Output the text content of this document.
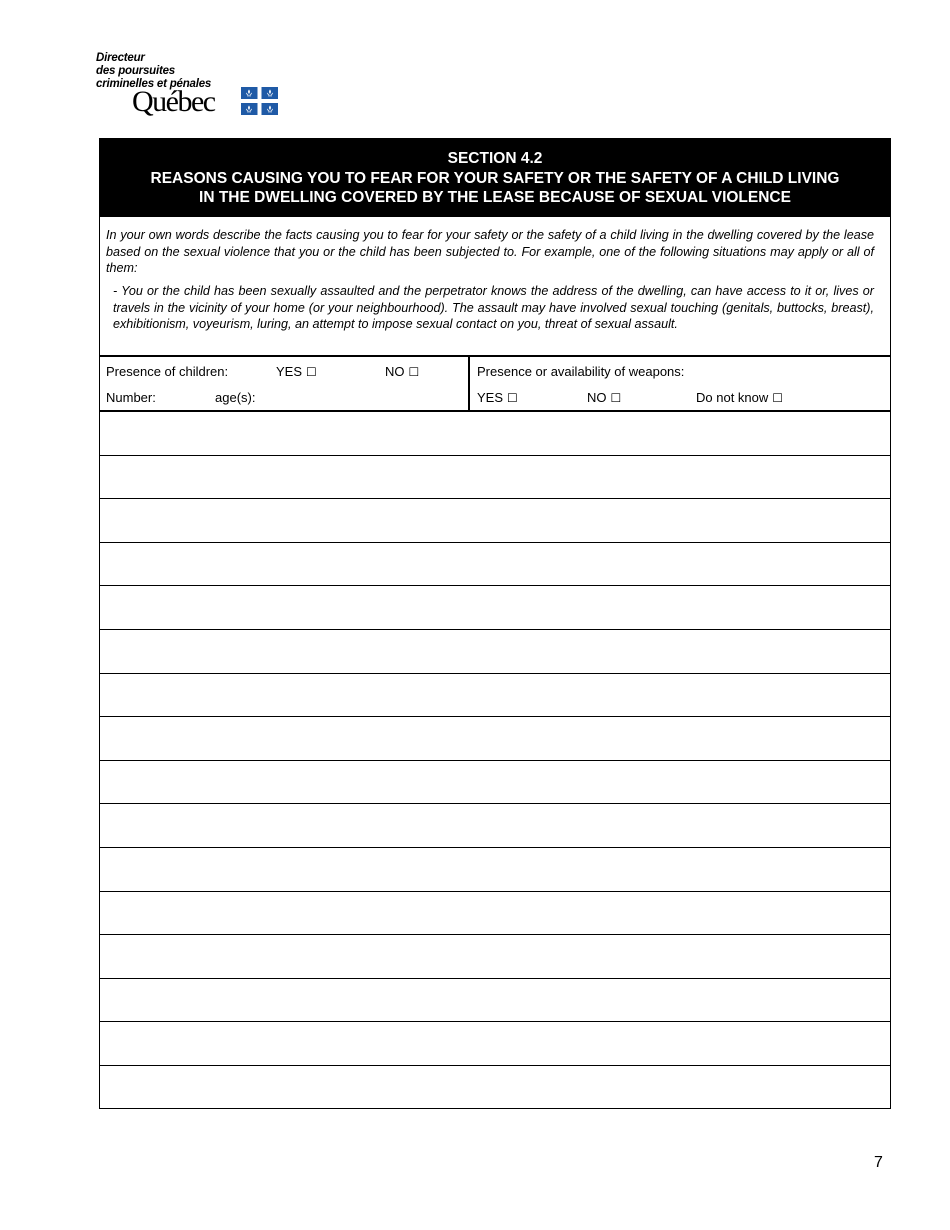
Directeur
des poursuites
criminelles et pénales
Québec
SECTION 4.2
REASONS CAUSING YOU TO FEAR FOR YOUR SAFETY OR THE SAFETY OF A CHILD LIVING
IN THE DWELLING COVERED BY THE LEASE BECAUSE OF SEXUAL VIOLENCE
In your own words describe the facts causing you to fear for your safety or the safety of a child living in the dwelling covered by the lease based on the sexual violence that you or the child has been subjected to. For example, one of the following situations may apply or all of them:
- You or the child has been sexually assaulted and the perpetrator knows the address of the dwelling, can have access to it or, lives or travels in the vicinity of your home (or your neighbourhood). The assault may have involved sexual touching (genitals, buttocks, breast), exhibitionism, voyeurism, luring, an attempt to impose sexual contact on you, threat of sexual assault.
Presence of children:	YES ☐	NO ☐
Number:	age(s):
Presence or availability of weapons:
YES ☐	NO ☐	Do not know ☐
7
